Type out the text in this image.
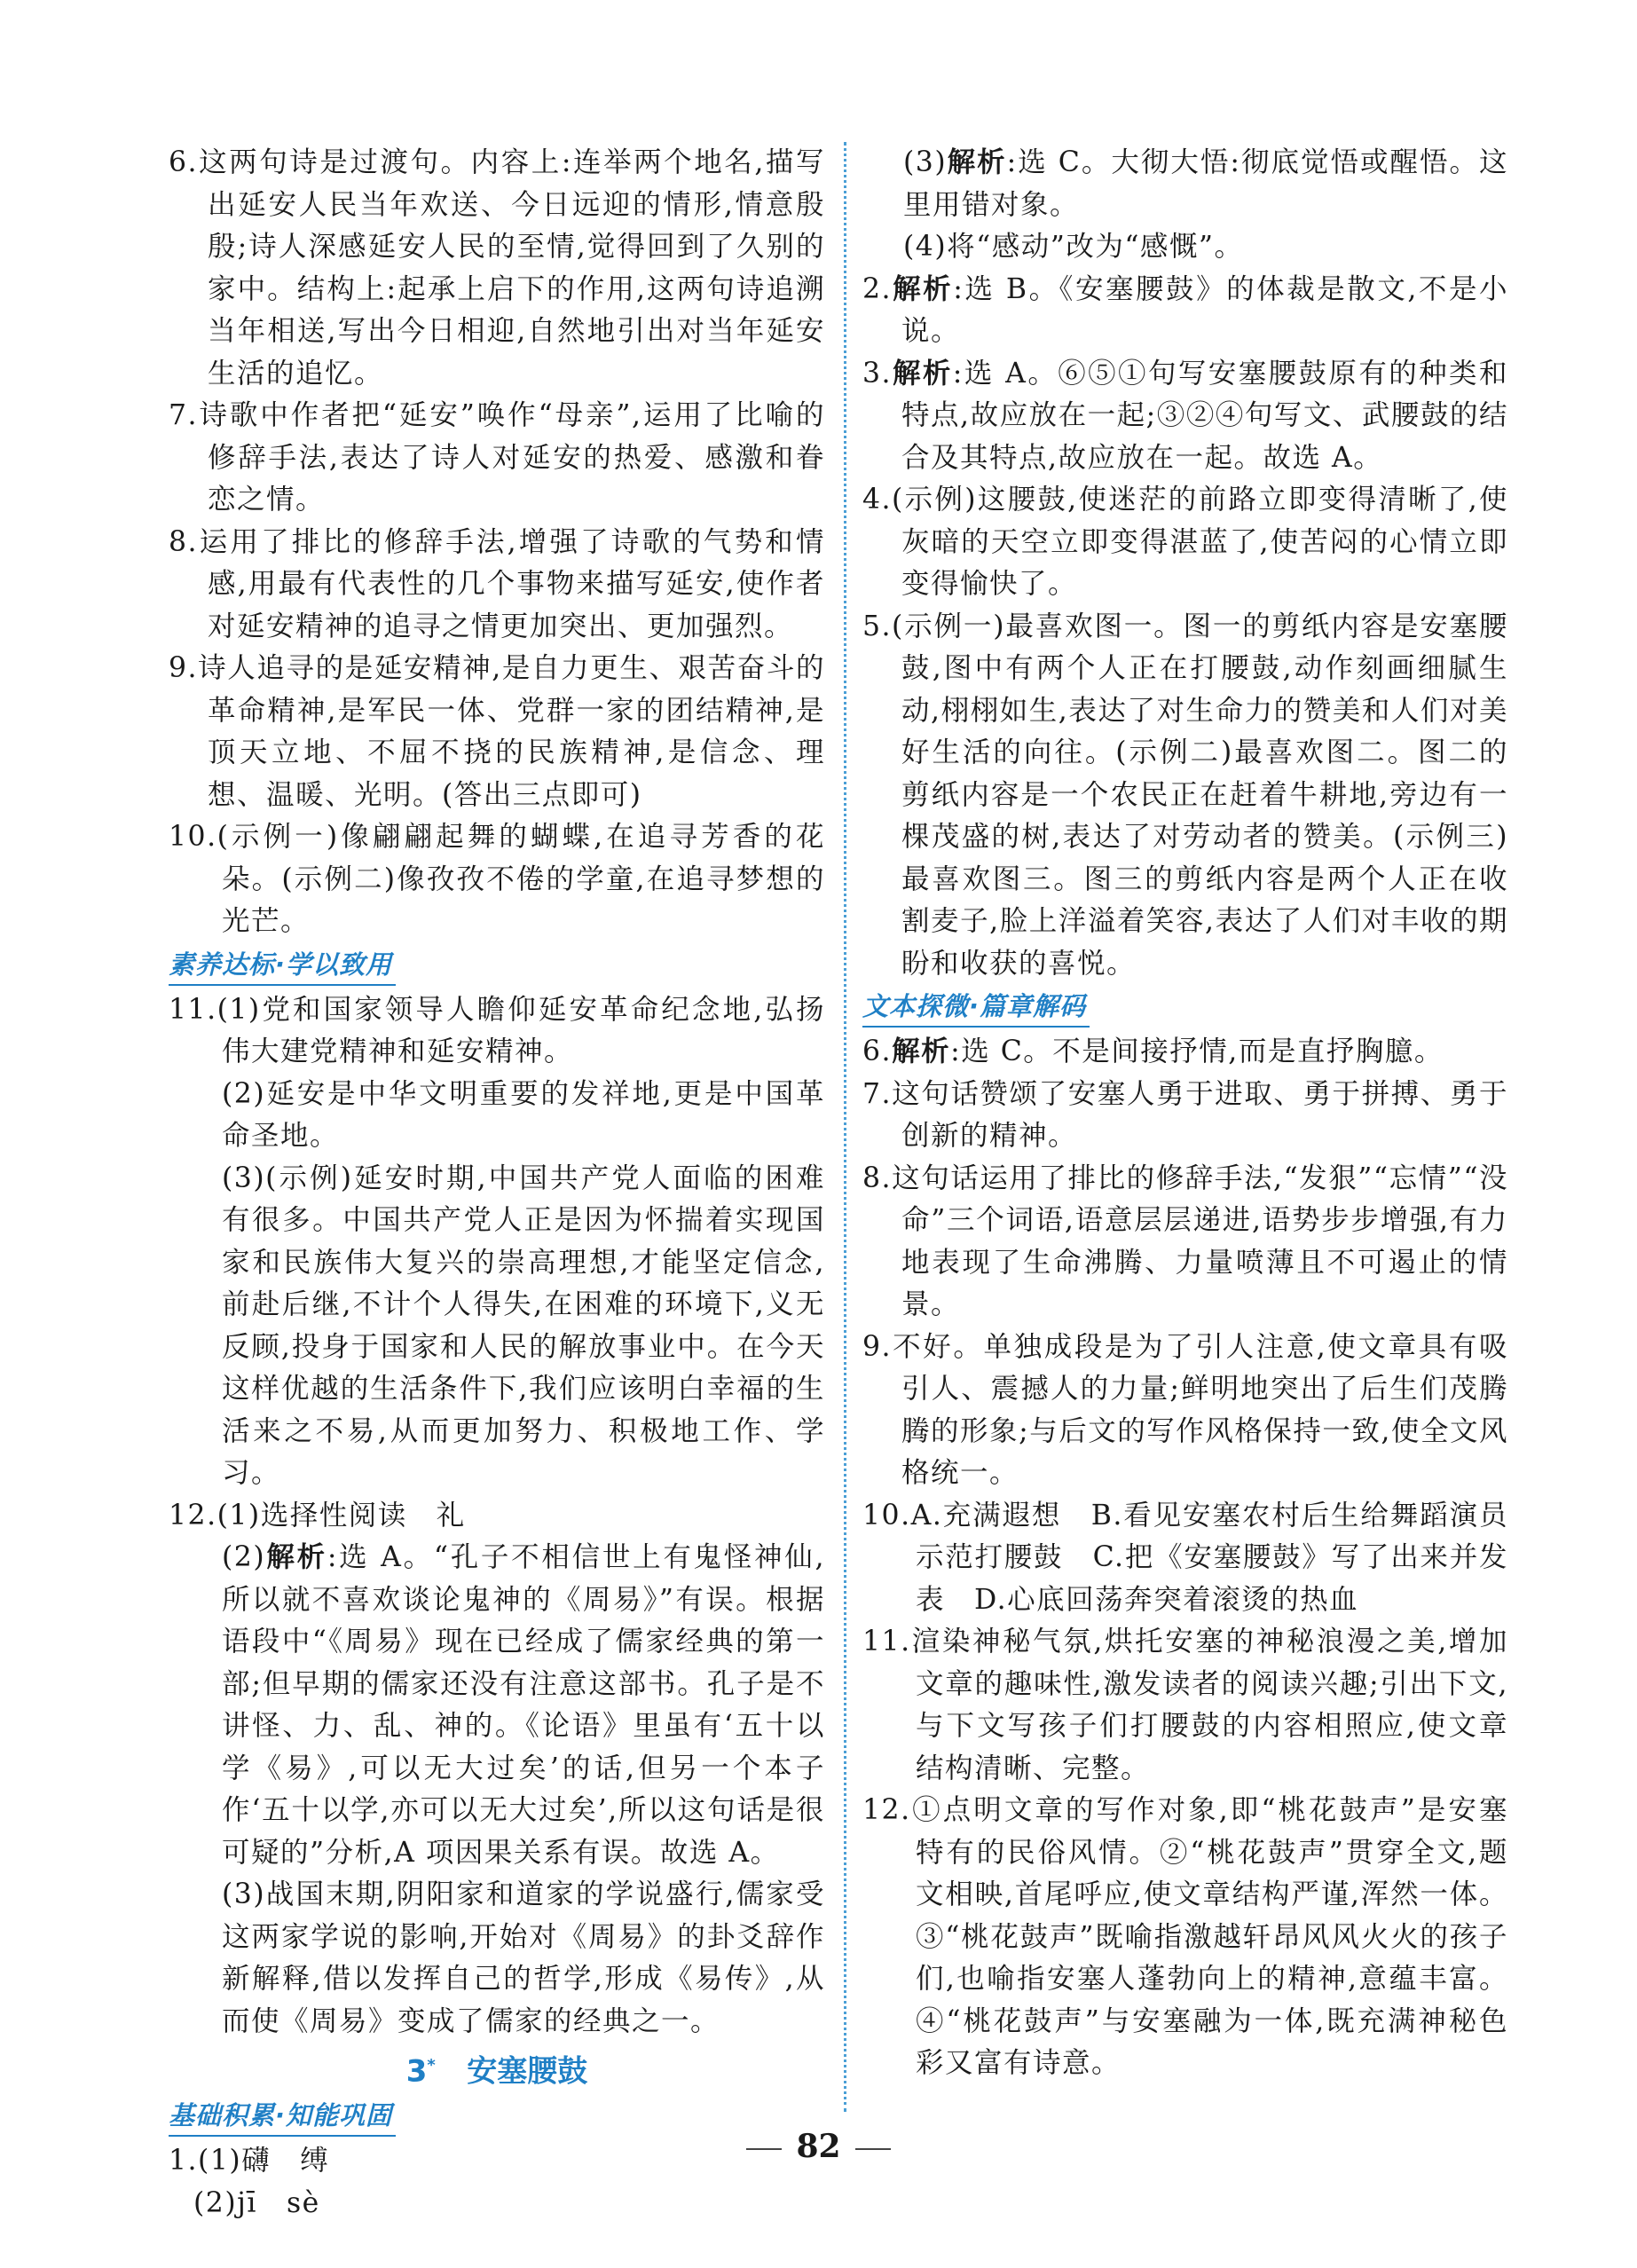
6.这两句诗是过渡句。内容上:连举两个地名,描写出延安人民当年欢送、今日远迎的情形,情意殷殷;诗人深感延安人民的至情,觉得回到了久别的家中。结构上:起承上启下的作用,这两句诗追溯当年相送,写出今日相迎,自然地引出对当年延安生活的追忆。
7.诗歌中作者把“延安”唤作“母亲”,运用了比喻的修辞手法,表达了诗人对延安的热爱、感激和眷恋之情。
8.运用了排比的修辞手法,增强了诗歌的气势和情感,用最有代表性的几个事物来描写延安,使作者对延安精神的追寻之情更加突出、更加强烈。
9.诗人追寻的是延安精神,是自力更生、艰苦奋斗的革命精神,是军民一体、党群一家的团结精神,是顶天立地、不屈不挠的民族精神,是信念、理想、温暖、光明。(答出三点即可)
10.(示例一)像翩翩起舞的蝴蝶,在追寻芳香的花朵。(示例二)像孜孜不倦的学童,在追寻梦想的光芒。
素养达标·学以致用
11.(1)党和国家领导人瞻仰延安革命纪念地,弘扬伟大建党精神和延安精神。
(2)延安是中华文明重要的发祥地,更是中国革命圣地。
(3)(示例)延安时期,中国共产党人面临的困难有很多。中国共产党人正是因为怀揣着实现国家和民族伟大复兴的崇高理想,才能坚定信念,前赴后继,不计个人得失,在困难的环境下,义无反顾,投身于国家和人民的解放事业中。在今天这样优越的生活条件下,我们应该明白幸福的生活来之不易,从而更加努力、积极地工作、学习。
12.(1)选择性阅读　礼
(2)解析:选 A。“孔子不相信世上有鬼怪神仙,所以就不喜欢谈论鬼神的《周易》”有误。根据语段中“《周易》现在已经成了儒家经典的第一部;但早期的儒家还没有注意这部书。孔子是不讲怪、力、乱、神的。《论语》里虽有‘五十以学《易》,可以无大过矣’的话,但另一个本子作‘五十以学,亦可以无大过矣’,所以这句话是很可疑的”分析,A 项因果关系有误。故选 A。
(3)战国末期,阴阳家和道家的学说盛行,儒家受这两家学说的影响,开始对《周易》的卦爻辞作新解释,借以发挥自己的哲学,形成《易传》,从而使《周易》变成了儒家的经典之一。
3* 安塞腰鼓
基础积累·知能巩固
1.(1)礴　缚
(2)jī　sè
(3)解析:选 C。大彻大悟:彻底觉悟或醒悟。这里用错对象。
(4)将“感动”改为“感慨”。
2.解析:选 B。《安塞腰鼓》的体裁是散文,不是小说。
3.解析:选 A。⑥⑤①句写安塞腰鼓原有的种类和特点,故应放在一起;③②④句写文、武腰鼓的结合及其特点,故应放在一起。故选 A。
4.(示例)这腰鼓,使迷茫的前路立即变得清晰了,使灰暗的天空立即变得湛蓝了,使苦闷的心情立即变得愉快了。
5.(示例一)最喜欢图一。图一的剪纸内容是安塞腰鼓,图中有两个人正在打腰鼓,动作刻画细腻生动,栩栩如生,表达了对生命力的赞美和人们对美好生活的向往。(示例二)最喜欢图二。图二的剪纸内容是一个农民正在赶着牛耕地,旁边有一棵茂盛的树,表达了对劳动者的赞美。(示例三)最喜欢图三。图三的剪纸内容是两个人正在收割麦子,脸上洋溢着笑容,表达了人们对丰收的期盼和收获的喜悦。
文本探微·篇章解码
6.解析:选 C。不是间接抒情,而是直抒胸臆。
7.这句话赞颂了安塞人勇于进取、勇于拼搏、勇于创新的精神。
8.这句话运用了排比的修辞手法,“发狠”“忘情”“没命”三个词语,语意层层递进,语势步步增强,有力地表现了生命沸腾、力量喷薄且不可遏止的情景。
9.不好。单独成段是为了引人注意,使文章具有吸引人、震撼人的力量;鲜明地突出了后生们茂腾腾的形象;与后文的写作风格保持一致,使全文风格统一。
10.A.充满遐想　B.看见安塞农村后生给舞蹈演员示范打腰鼓　C.把《安塞腰鼓》写了出来并发表　D.心底回荡奔突着滚烫的热血
11.渲染神秘气氛,烘托安塞的神秘浪漫之美,增加文章的趣味性,激发读者的阅读兴趣;引出下文,与下文写孩子们打腰鼓的内容相照应,使文章结构清晰、完整。
12.①点明文章的写作对象,即“桃花鼓声”是安塞特有的民俗风情。②“桃花鼓声”贯穿全文,题文相映,首尾呼应,使文章结构严谨,浑然一体。③“桃花鼓声”既喻指激越轩昂风风火火的孩子们,也喻指安塞人蓬勃向上的精神,意蕴丰富。④“桃花鼓声”与安塞融为一体,既充满神秘色彩又富有诗意。
82
